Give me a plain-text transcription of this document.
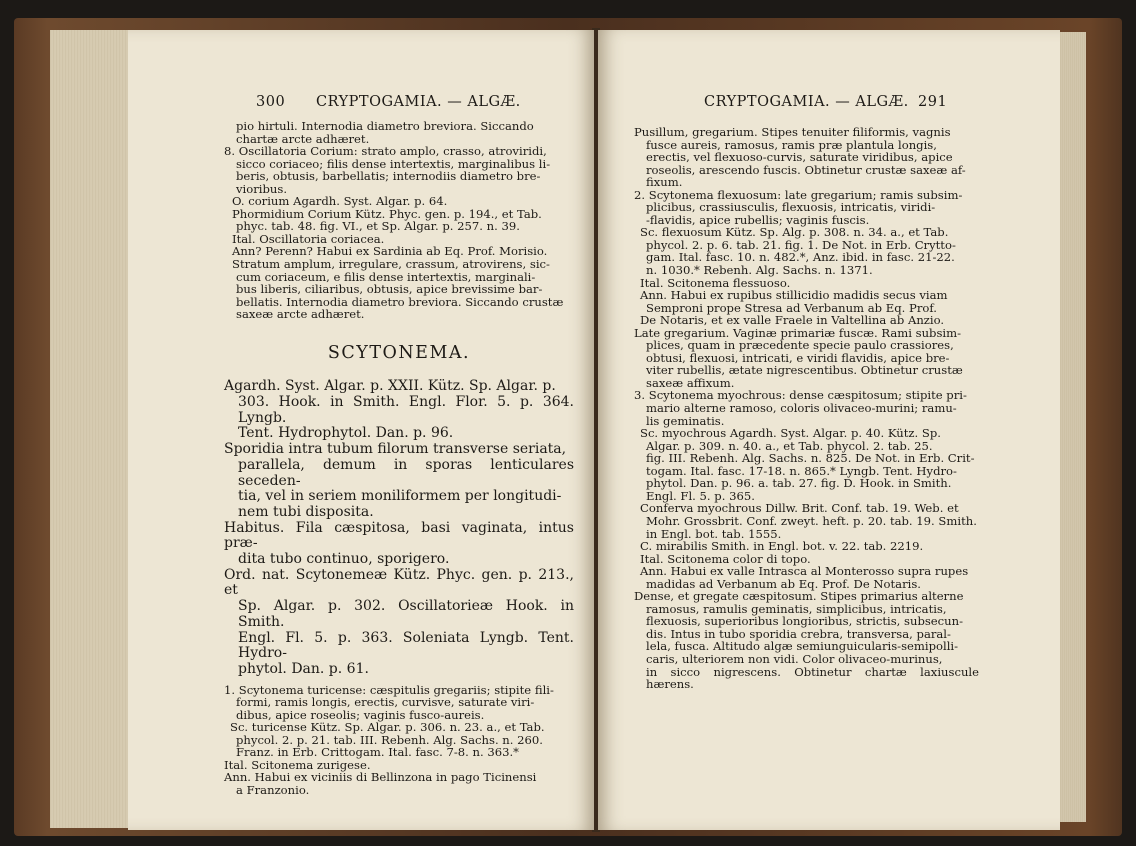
300 CRYPTOGAMIA. — ALGÆ.
pio hirtuli. Internodia diametro breviora. Siccando
chartæ arcte adhæret.
8. Oscillatoria Corium: strato amplo, crasso, atroviridi,
sicco coriaceo; filis dense intertextis, marginalibus li-
beris, obtusis, barbellatis; internodiis diametro bre-
vioribus.
O. corium Agardh. Syst. Algar. p. 64.
Phormidium Corium Kütz. Phyc. gen. p. 194., et Tab.
phyc. tab. 48. fig. VI., et Sp. Algar. p. 257. n. 39.
Ital. Oscillatoria coriacea.
Ann? Perenn? Habui ex Sardinia ab Eq. Prof. Morisio.
Stratum amplum, irregulare, crassum, atrovirens, sic-
cum coriaceum, e filis dense intertextis, marginali-
bus liberis, ciliaribus, obtusis, apice brevissime bar-
bellatis. Internodia diametro breviora. Siccando crustæ
saxeæ arcte adhæret.
SCYTONEMA.
Agardh. Syst. Algar. p. XXII. Kütz. Sp. Algar. p.
303. Hook. in Smith. Engl. Flor. 5. p. 364. Lyngb.
Tent. Hydrophytol. Dan. p. 96.
Sporidia intra tubum filorum transverse seriata,
parallela, demum in sporas lenticulares seceden-
tia, vel in seriem moniliformem per longitudi-
nem tubi disposita.
Habitus. Fila cæspitosa, basi vaginata, intus præ-
dita tubo continuo, sporigero.
Ord. nat. Scytonemeæ Kütz. Phyc. gen. p. 213., et
Sp. Algar. p. 302. Oscillatorieæ Hook. in Smith.
Engl. Fl. 5. p. 363. Soleniata Lyngb. Tent. Hydro-
phytol. Dan. p. 61.
1. Scytonema turicense: cæspitulis gregariis; stipite fili-
formi, ramis longis, erectis, curvisve, saturate viri-
dibus, apice roseolis; vaginis fusco-aureis.
Sc. turicense Kütz. Sp. Algar. p. 306. n. 23. a., et Tab.
phycol. 2. p. 21. tab. III. Rebenh. Alg. Sachs. n. 260.
Franz. in Erb. Crittogam. Ital. fasc. 7-8. n. 363.*
Ital. Scitonema zurigese.
Ann. Habui ex viciniis di Bellinzona in pago Ticinensi
a Franzonio.
CRYPTOGAMIA. — ALGÆ. 291
Pusillum, gregarium. Stipes tenuiter filiformis, vagnis
fusce aureis, ramosus, ramis præ plantula longis,
erectis, vel flexuoso-curvis, saturate viridibus, apice
roseolis, arescendo fuscis. Obtinetur crustæ saxeæ af-
fixum.
2. Scytonema flexuosum: late gregarium; ramis subsim-
plicibus, crassiusculis, flexuosis, intricatis, viridi-
-flavidis, apice rubellis; vaginis fuscis.
Sc. flexuosum Kütz. Sp. Alg. p. 308. n. 34. a., et Tab.
phycol. 2. p. 6. tab. 21. fig. 1. De Not. in Erb. Crytto-
gam. Ital. fasc. 10. n. 482.*, Anz. ibid. in fasc. 21-22.
n. 1030.* Rebenh. Alg. Sachs. n. 1371.
Ital. Scitonema flessuoso.
Ann. Habui ex rupibus stillicidio madidis secus viam
Semproni prope Stresa ad Verbanum ab Eq. Prof.
De Notaris, et ex valle Fraele in Valtellina ab Anzio.
Late gregarium. Vaginæ primariæ fuscæ. Rami subsim-
plices, quam in præcedente specie paulo crassiores,
obtusi, flexuosi, intricati, e viridi flavidis, apice bre-
viter rubellis, ætate nigrescentibus. Obtinetur crustæ
saxeæ affixum.
3. Scytonema myochrous: dense cæspitosum; stipite pri-
mario alterne ramoso, coloris olivaceo-murini; ramu-
lis geminatis.
Sc. myochrous Agardh. Syst. Algar. p. 40. Kütz. Sp.
Algar. p. 309. n. 40. a., et Tab. phycol. 2. tab. 25.
fig. III. Rebenh. Alg. Sachs. n. 825. De Not. in Erb. Crit-
togam. Ital. fasc. 17-18. n. 865.* Lyngb. Tent. Hydro-
phytol. Dan. p. 96. a. tab. 27. fig. D. Hook. in Smith.
Engl. Fl. 5. p. 365.
Conferva myochrous Dillw. Brit. Conf. tab. 19. Web. et
Mohr. Grossbrit. Conf. zweyt. heft. p. 20. tab. 19. Smith.
in Engl. bot. tab. 1555.
C. mirabilis Smith. in Engl. bot. v. 22. tab. 2219.
Ital. Scitonema color di topo.
Ann. Habui ex valle Intrasca al Monterosso supra rupes
madidas ad Verbanum ab Eq. Prof. De Notaris.
Dense, et gregate cæspitosum. Stipes primarius alterne
ramosus, ramulis geminatis, simplicibus, intricatis,
flexuosis, superioribus longioribus, strictis, subsecun-
dis. Intus in tubo sporidia crebra, transversa, paral-
lela, fusca. Altitudo algæ semiunguicularis-semipolli-
caris, ulteriorem non vidi. Color olivaceo-murinus,
in sicco nigrescens. Obtinetur chartæ laxiuscule hærens.
